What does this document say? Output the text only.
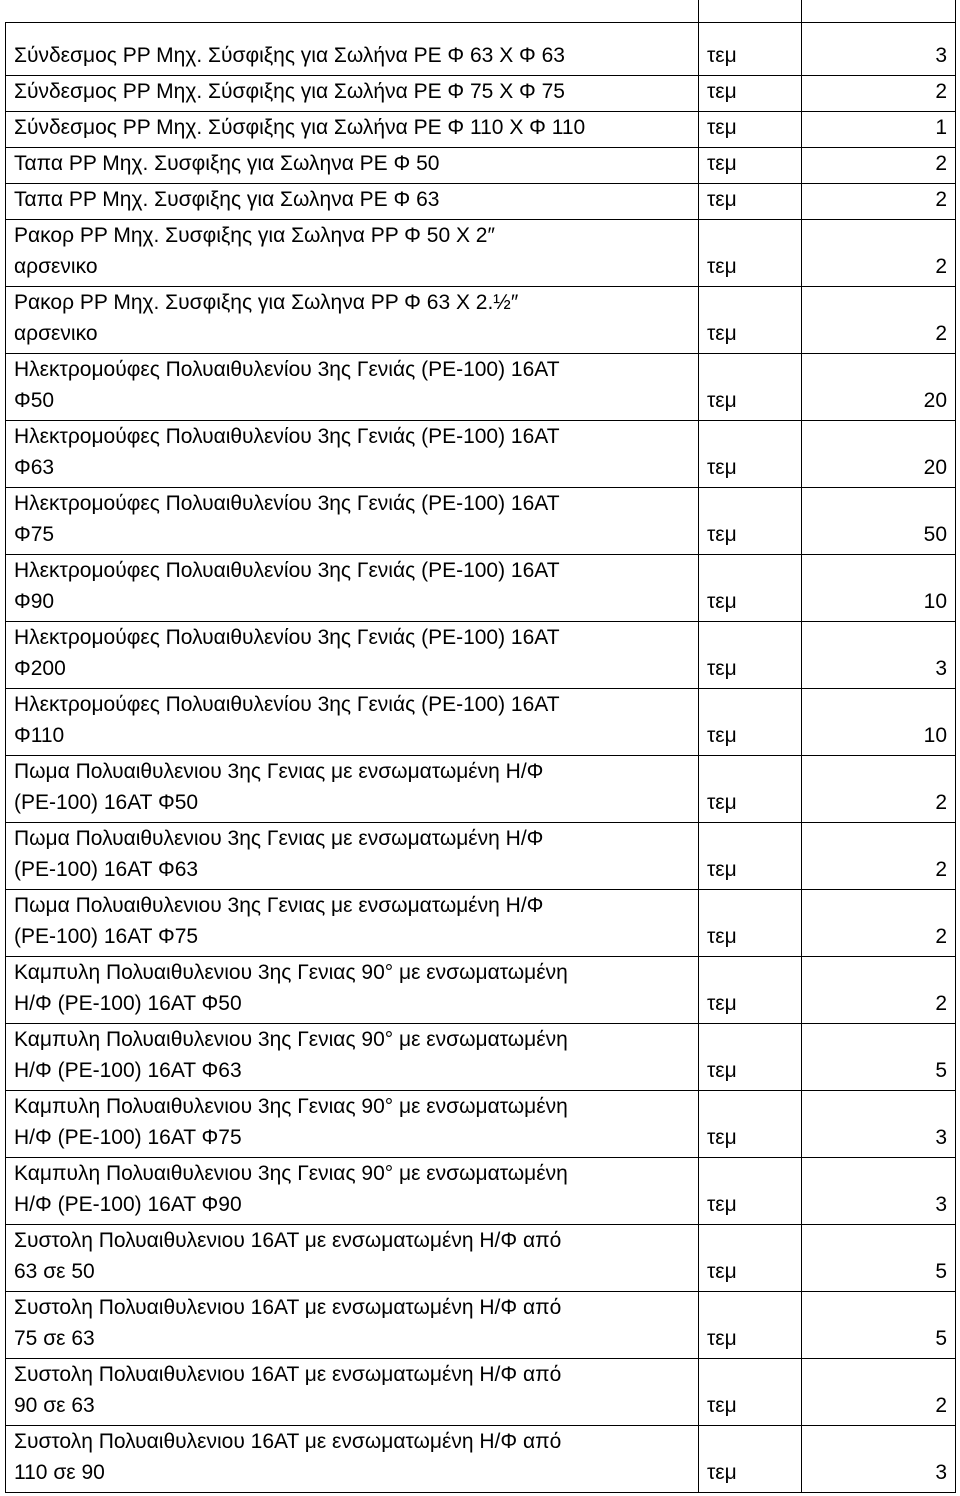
Σύνδεσμος PP Μηχ. Σύσφιξης για Σωλήνα PE Φ 63 Χ Φ 63	τεμ	3

Σύνδεσμος PP Μηχ. Σύσφιξης για Σωλήνα PE Φ 75 Χ Φ 75	τεμ	2

Σύνδεσμος PP Μηχ. Σύσφιξης για Σωλήνα PE Φ 110 Χ Φ 110	τεμ	1

Ταπα PP Μηχ. Συσφιξης για Σωληνα PE Φ 50	τεμ	2

Ταπα PP Μηχ. Συσφιξης για Σωληνα PE Φ 63	τεμ	2

Ρακορ PP Μηχ. Συσφιξης για Σωληνα PP Φ 50 Χ 2″
αρσενικο	τεμ	2

Ρακορ PP Μηχ. Συσφιξης για Σωληνα PP Φ 63 Χ 2.½″
αρσενικο	τεμ	2

Ηλεκτρομούφες Πολυαιθυλενίου 3ης Γενιάς (PE-100) 16ΑΤ
Φ50	τεμ	20

Ηλεκτρομούφες Πολυαιθυλενίου 3ης Γενιάς (PE-100) 16ΑΤ
Φ63	τεμ	20

Ηλεκτρομούφες Πολυαιθυλενίου 3ης Γενιάς (PE-100) 16ΑΤ
Φ75	τεμ	50

Ηλεκτρομούφες Πολυαιθυλενίου 3ης Γενιάς (PE-100) 16ΑΤ
Φ90	τεμ	10

Ηλεκτρομούφες Πολυαιθυλενίου 3ης Γενιάς (PE-100) 16ΑΤ
Φ200	τεμ	3

Ηλεκτρομούφες Πολυαιθυλενίου 3ης Γενιάς (PE-100) 16ΑΤ
Φ110	τεμ	10

Πωμα Πολυαιθυλενιου 3ης Γενιας με ενσωματωμένη Η/Φ
(PE-100) 16ΑΤ Φ50	τεμ	2

Πωμα Πολυαιθυλενιου 3ης Γενιας με ενσωματωμένη Η/Φ
(PE-100) 16ΑΤ Φ63	τεμ	2

Πωμα Πολυαιθυλενιου 3ης Γενιας με ενσωματωμένη Η/Φ
(PE-100) 16ΑΤ Φ75	τεμ	2

Καμπυλη Πολυαιθυλενιου 3ης Γενιας 90° με ενσωματωμένη
Η/Φ (PE-100) 16ΑΤ Φ50	τεμ	2

Καμπυλη Πολυαιθυλενιου 3ης Γενιας 90° με ενσωματωμένη
Η/Φ (PE-100) 16ΑΤ Φ63	τεμ	5

Καμπυλη Πολυαιθυλενιου 3ης Γενιας 90° με ενσωματωμένη
Η/Φ (PE-100) 16ΑΤ Φ75	τεμ	3

Καμπυλη Πολυαιθυλενιου 3ης Γενιας 90° με ενσωματωμένη
Η/Φ (PE-100) 16ΑΤ Φ90	τεμ	3

Συστολη Πολυαιθυλενιου 16ΑΤ με ενσωματωμένη Η/Φ από
63 σε 50	τεμ	5

Συστολη Πολυαιθυλενιου 16ΑΤ με ενσωματωμένη Η/Φ από
75 σε 63	τεμ	5

Συστολη Πολυαιθυλενιου 16ΑΤ με ενσωματωμένη Η/Φ από
90 σε 63	τεμ	2

Συστολη Πολυαιθυλενιου 16ΑΤ με ενσωματωμένη Η/Φ από
110 σε 90	τεμ	3
